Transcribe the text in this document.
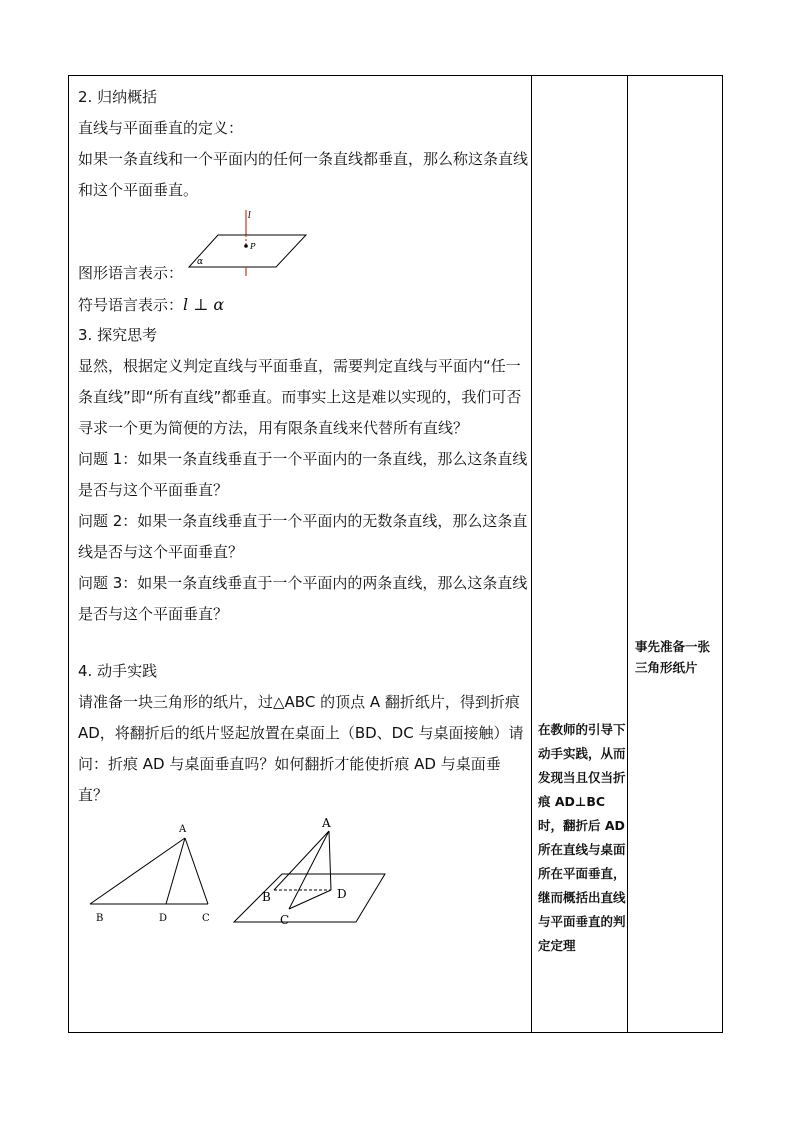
2. 归纳概括
直线与平面垂直的定义：
如果一条直线和一个平面内的任何一条直线都垂直，那么称这条直线和这个平面垂直。
l
P
α
图形语言表示：
符号语言表示：l ⊥ α
3. 探究思考
显然，根据定义判定直线与平面垂直，需要判定直线与平面内“任一条直线”即“所有直线”都垂直。而事实上这是难以实现的，我们可否寻求一个更为简便的方法，用有限条直线来代替所有直线？
问题 1：如果一条直线垂直于一个平面内的一条直线，那么这条直线是否与这个平面垂直？
问题 2：如果一条直线垂直于一个平面内的无数条直线，那么这条直线是否与这个平面垂直？
问题 3：如果一条直线垂直于一个平面内的两条直线，那么这条直线是否与这个平面垂直？
4. 动手实践
请准备一块三角形的纸片，过△ABC 的顶点 A 翻折纸片，得到折痕 AD，将翻折后的纸片竖起放置在桌面上（BD、DC 与桌面接触）请问：折痕 AD 与桌面垂直吗？如何翻折才能使折痕 AD 与桌面垂直？
A
B	D	C
A
B
C
D
在教师的引导下动手实践，从而发现当且仅当折痕 AD⊥BC 时，翻折后 AD 所在直线与桌面所在平面垂直，继而概括出直线与平面垂直的判定定理
事先准备一张三角形纸片
